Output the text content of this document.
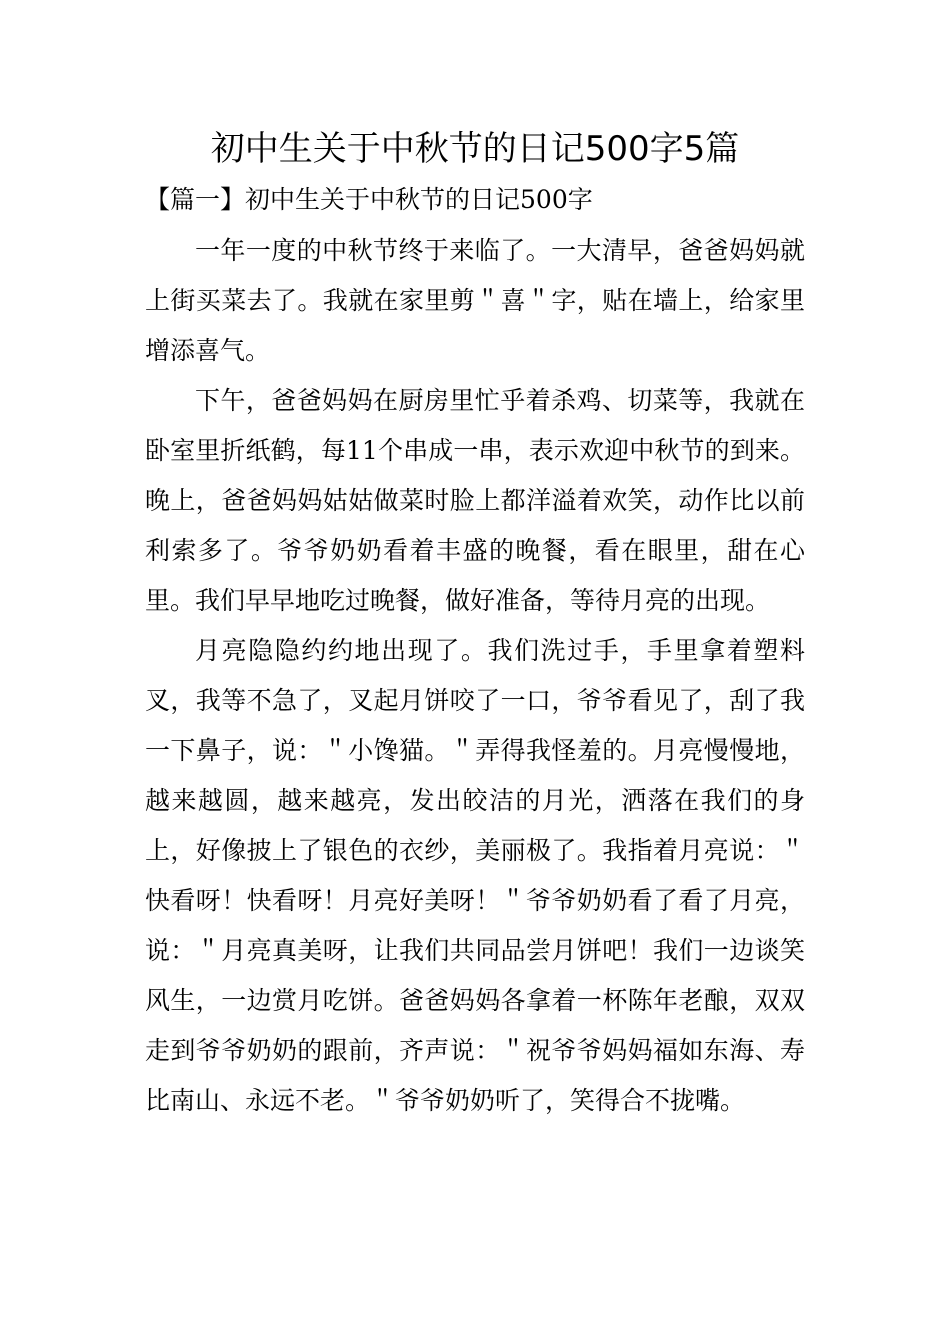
初中生关于中秋节的日记500字5篇
【篇一】初中生关于中秋节的日记500字

一年一度的中秋节终于来临了。一大清早，爸爸妈妈就上街买菜去了。我就在家里剪＂喜＂字，贴在墙上，给家里增添喜气。

下午，爸爸妈妈在厨房里忙乎着杀鸡、切菜等，我就在卧室里折纸鹤，每11个串成一串，表示欢迎中秋节的到来。晚上，爸爸妈妈姑姑做菜时脸上都洋溢着欢笑，动作比以前利索多了。爷爷奶奶看着丰盛的晚餐，看在眼里，甜在心里。我们早早地吃过晚餐，做好准备，等待月亮的出现。

月亮隐隐约约地出现了。我们洗过手，手里拿着塑料叉，我等不急了，叉起月饼咬了一口，爷爷看见了，刮了我一下鼻子，说：＂小馋猫。＂弄得我怪羞的。月亮慢慢地，越来越圆，越来越亮，发出皎洁的月光，洒落在我们的身上，好像披上了银色的衣纱，美丽极了。我指着月亮说：＂快看呀！快看呀！月亮好美呀！＂爷爷奶奶看了看了月亮，说：＂月亮真美呀，让我们共同品尝月饼吧！我们一边谈笑风生，一边赏月吃饼。爸爸妈妈各拿着一杯陈年老酿，双双走到爷爷奶奶的跟前，齐声说：＂祝爷爷妈妈福如东海、寿比南山、永远不老。＂爷爷奶奶听了，笑得合不拢嘴。
